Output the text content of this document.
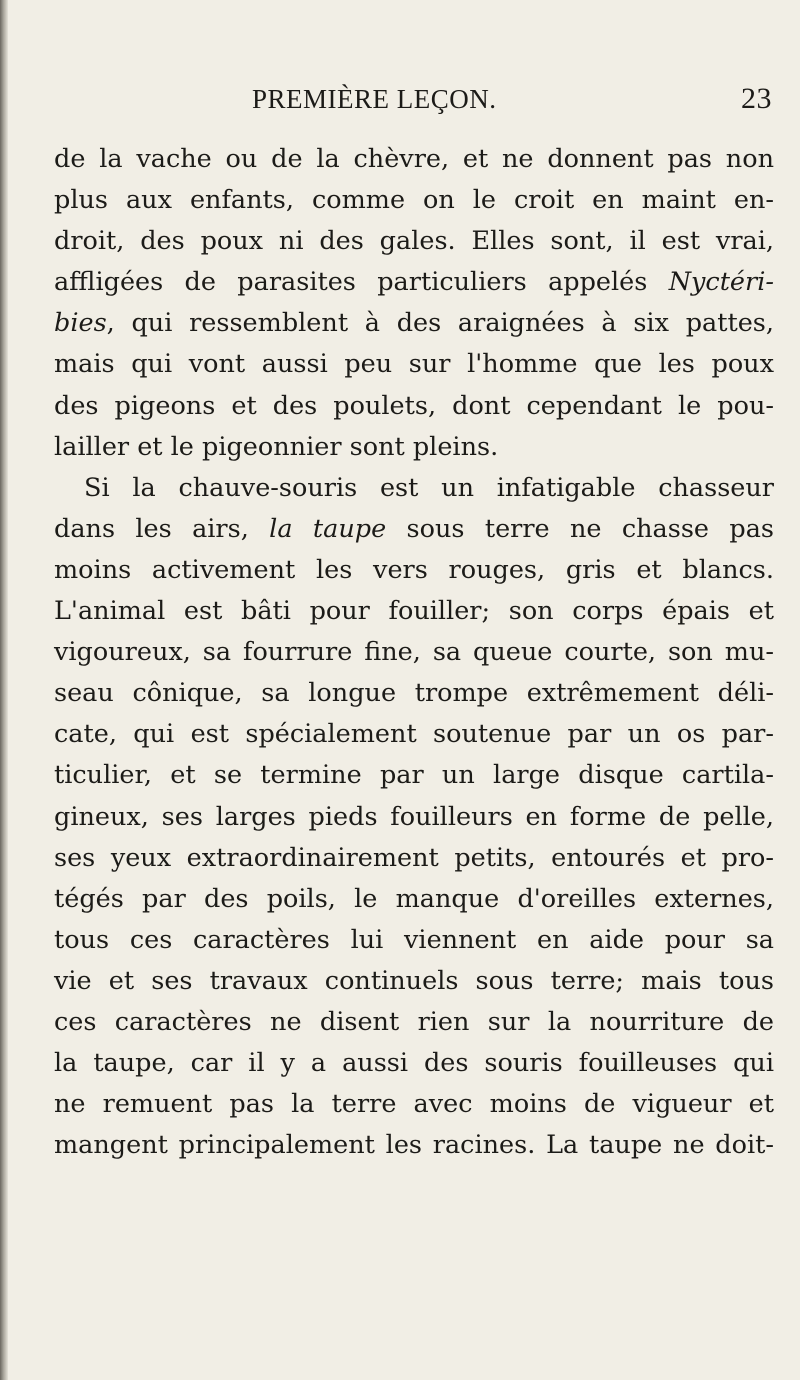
PREMIÈRE LEÇON.	23
de la vache ou de la chèvre, et ne donnent pas non
plus aux enfants, comme on le croit en maint en-
droit, des poux ni des gales. Elles sont, il est vrai,
affligées de parasites particuliers appelés Nyctéri-
bies, qui ressemblent à des araignées à six pattes,
mais qui vont aussi peu sur l'homme que les poux
des pigeons et des poulets, dont cependant le pou-
lailler et le pigeonnier sont pleins.
Si la chauve-souris est un infatigable chasseur
dans les airs, la taupe sous terre ne chasse pas
moins activement les vers rouges, gris et blancs.
L'animal est bâti pour fouiller; son corps épais et
vigoureux, sa fourrure fine, sa queue courte, son mu-
seau cônique, sa longue trompe extrêmement déli-
cate, qui est spécialement soutenue par un os par-
ticulier, et se termine par un large disque cartila-
gineux, ses larges pieds fouilleurs en forme de pelle,
ses yeux extraordinairement petits, entourés et pro-
tégés par des poils, le manque d'oreilles externes,
tous ces caractères lui viennent en aide pour sa
vie et ses travaux continuels sous terre; mais tous
ces caractères ne disent rien sur la nourriture de
la taupe, car il y a aussi des souris fouilleuses qui
ne remuent pas la terre avec moins de vigueur et
mangent principalement les racines. La taupe ne doit-
